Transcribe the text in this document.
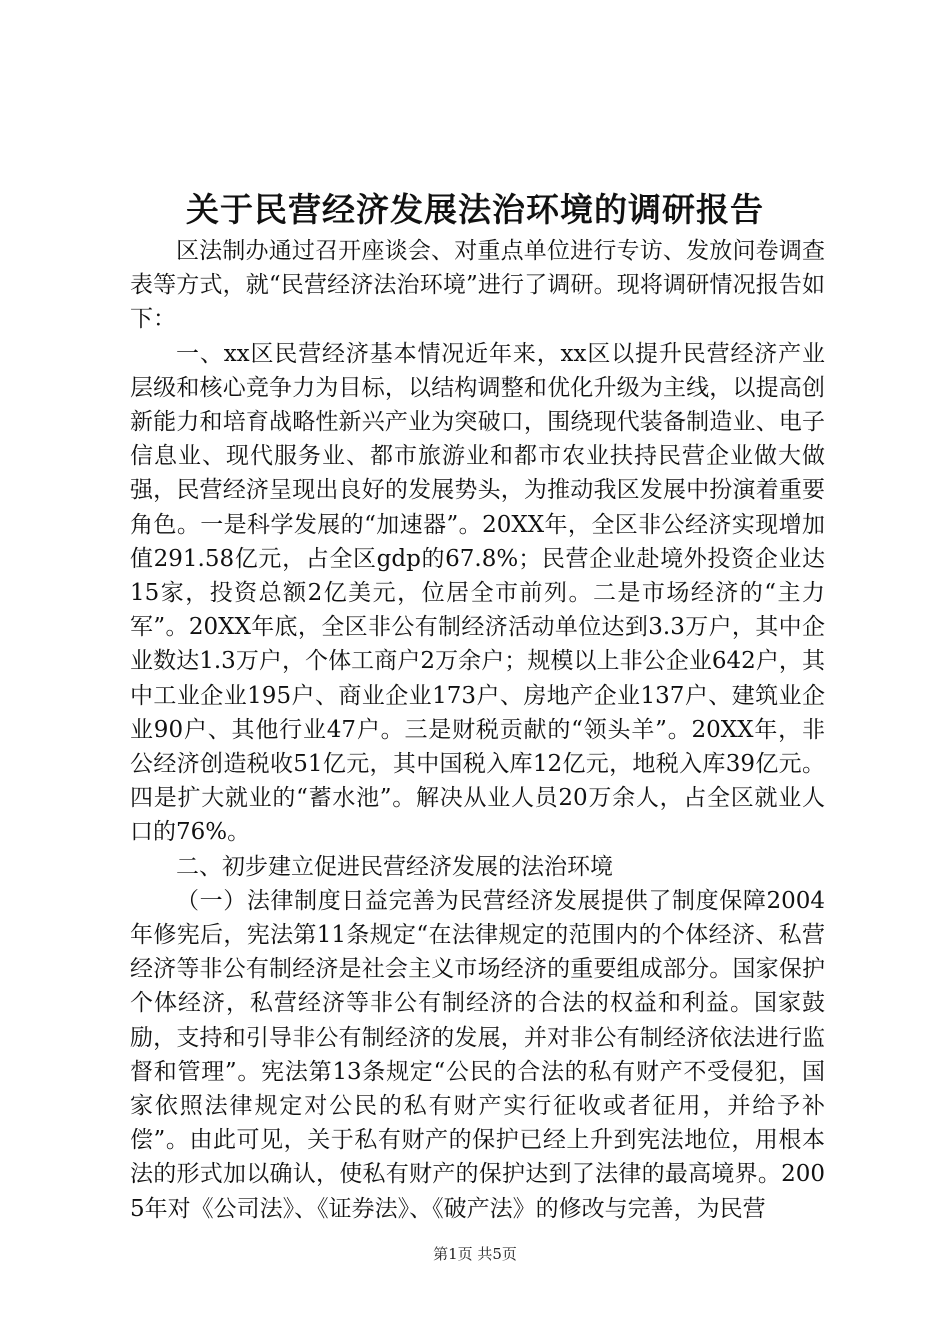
关于民营经济发展法治环境的调研报告

区法制办通过召开座谈会、对重点单位进行专访、发放问卷调查表等方式，就“民营经济法治环境”进行了调研。现将调研情况报告如下：

一、xx区民营经济基本情况近年来，xx区以提升民营经济产业层级和核心竞争力为目标，以结构调整和优化升级为主线，以提高创新能力和培育战略性新兴产业为突破口，围绕现代装备制造业、电子信息业、现代服务业、都市旅游业和都市农业扶持民营企业做大做强，民营经济呈现出良好的发展势头，为推动我区发展中扮演着重要角色。一是科学发展的“加速器”。20XX年，全区非公经济实现增加值291.58亿元，占全区gdp的67.8%；民营企业赴境外投资企业达15家，投资总额2亿美元，位居全市前列。二是市场经济的“主力军”。20XX年底，全区非公有制经济活动单位达到3.3万户，其中企业数达1.3万户，个体工商户2万余户；规模以上非公企业642户，其中工业企业195户、商业企业173户、房地产企业137户、建筑业企业90户、其他行业47户。三是财税贡献的“领头羊”。20XX年，非公经济创造税收51亿元，其中国税入库12亿元，地税入库39亿元。四是扩大就业的“蓄水池”。解决从业人员20万余人，占全区就业人口的76%。

二、初步建立促进民营经济发展的法治环境

（一）法律制度日益完善为民营经济发展提供了制度保障2004年修宪后，宪法第11条规定“在法律规定的范围内的个体经济、私营经济等非公有制经济是社会主义市场经济的重要组成部分。国家保护个体经济，私营经济等非公有制经济的合法的权益和利益。国家鼓励，支持和引导非公有制经济的发展，并对非公有制经济依法进行监督和管理”。宪法第13条规定“公民的合法的私有财产不受侵犯，国家依照法律规定对公民的私有财产实行征收或者征用，并给予补偿”。由此可见，关于私有财产的保护已经上升到宪法地位，用根本法的形式加以确认，使私有财产的保护达到了法律的最高境界。2005年对《公司法》、《证券法》、《破产法》的修改与完善，为民营

第1页 共5页
